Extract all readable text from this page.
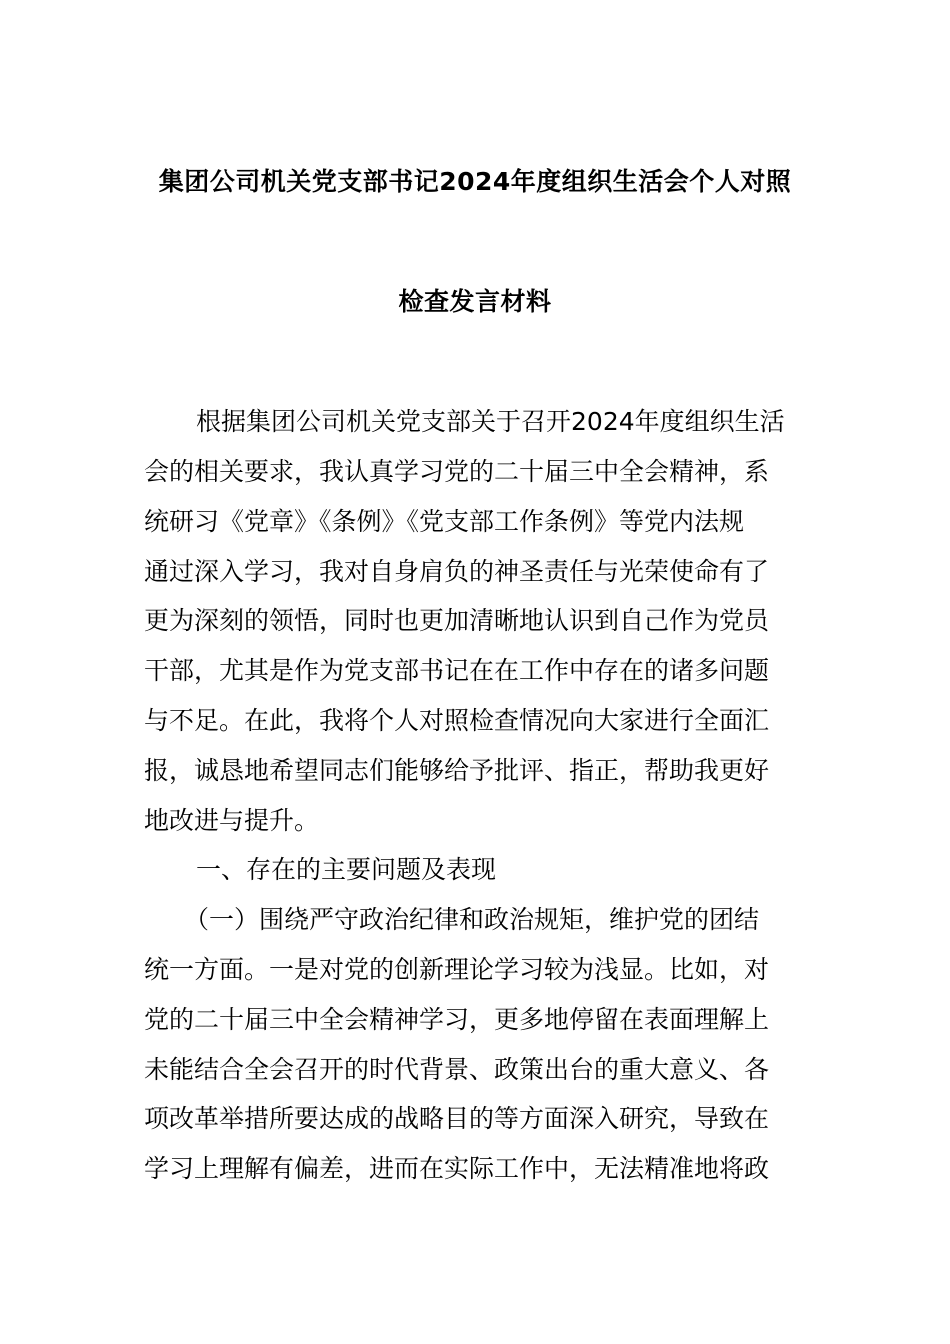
集团公司机关党支部书记2024年度组织生活会个人对照
检查发言材料
根据集团公司机关党支部关于召开2024年度组织生活
会的相关要求，我认真学习党的二十届三中全会精神，系
统研习《党章》《条例》《党支部工作条例》等党内法规
通过深入学习，我对自身肩负的神圣责任与光荣使命有了
更为深刻的领悟，同时也更加清晰地认识到自己作为党员
干部，尤其是作为党支部书记在在工作中存在的诸多问题
与不足。在此，我将个人对照检查情况向大家进行全面汇
报，诚恳地希望同志们能够给予批评、指正，帮助我更好
地改进与提升。
一、存在的主要问题及表现
（一）围绕严守政治纪律和政治规矩，维护党的团结
统一方面。一是对党的创新理论学习较为浅显。比如，对
党的二十届三中全会精神学习，更多地停留在表面理解上
未能结合全会召开的时代背景、政策出台的重大意义、各
项改革举措所要达成的战略目的等方面深入研究，导致在
学习上理解有偏差，进而在实际工作中，无法精准地将政
